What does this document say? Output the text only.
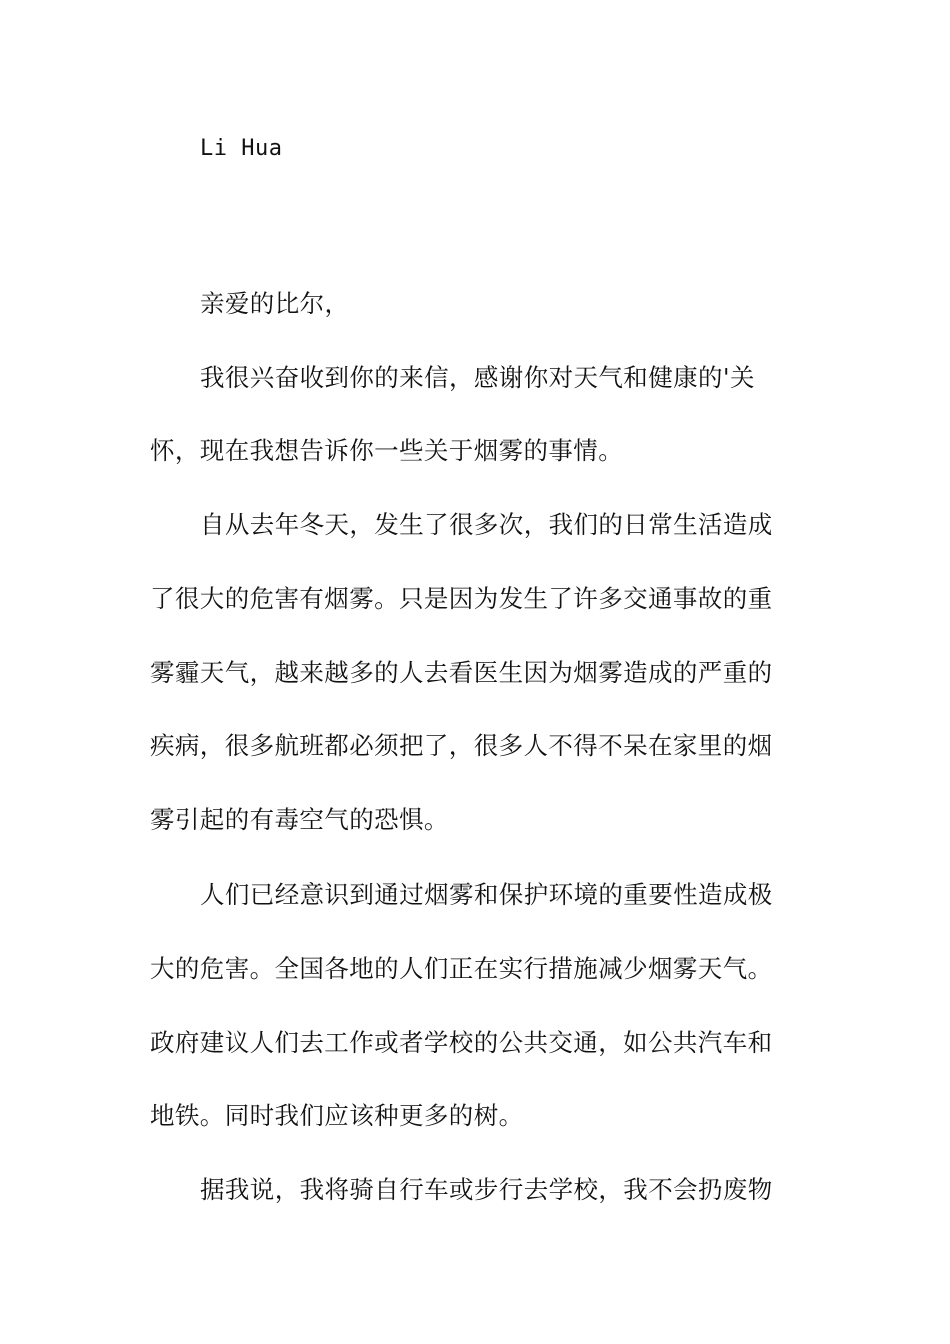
Li Hua
亲爱的比尔，
我很兴奋收到你的来信，感谢你对天气和健康的'关
怀，现在我想告诉你一些关于烟雾的事情。
自从去年冬天，发生了很多次，我们的日常生活造成
了很大的危害有烟雾。只是因为发生了许多交通事故的重
雾霾天气，越来越多的人去看医生因为烟雾造成的严重的
疾病，很多航班都必须把了，很多人不得不呆在家里的烟
雾引起的有毒空气的恐惧。
人们已经意识到通过烟雾和保护环境的重要性造成极
大的危害。全国各地的人们正在实行措施减少烟雾天气。
政府建议人们去工作或者学校的公共交通，如公共汽车和
地铁。同时我们应该种更多的树。
据我说，我将骑自行车或步行去学校，我不会扔废物
